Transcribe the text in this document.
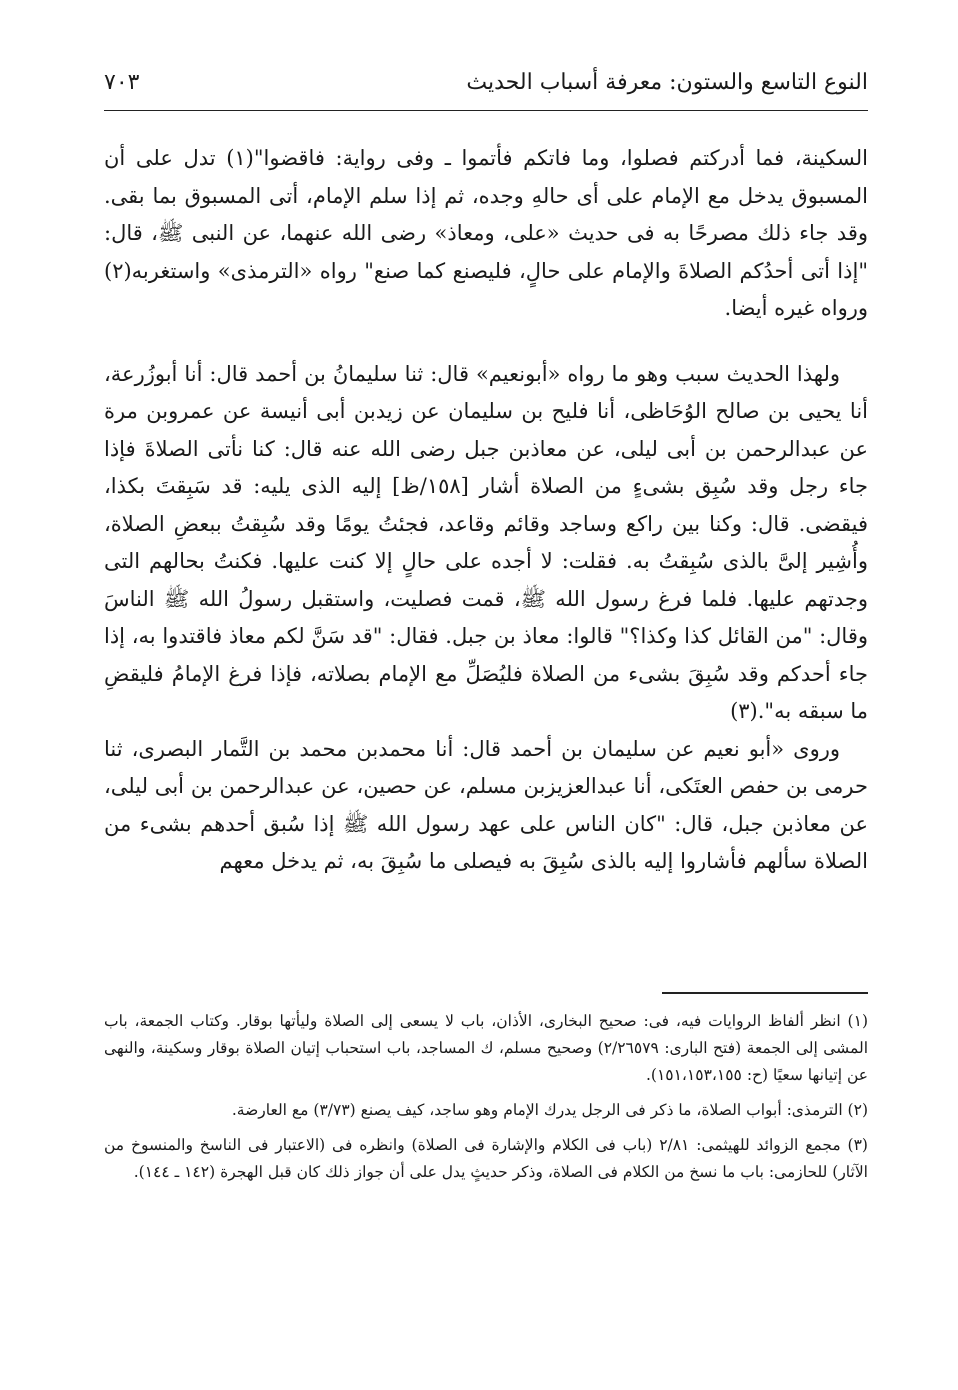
النوع التاسع والستون: معرفة أسباب الحديث
٧٠٣

السكينة، فما أدركتم فصلوا، وما فاتكم فأتموا ـ وفى رواية: فاقضوا"(١) تدل على أن المسبوق يدخل مع الإمام على أى حالهِ وجده، ثم إذا سلم الإمام، أتى المسبوق بما بقى. وقد جاء ذلك مصرحًا به فى حديث «على، ومعاذ» رضى الله عنهما، عن النبى ﷺ، قال: "إذا أتى أحدُكم الصلاةَ والإمام على حالٍ، فليصنع كما صنع" رواه «الترمذى» واستغربه(٢) ورواه غيره أيضا.

ولهذا الحديث سبب وهو ما رواه «أبونعيم» قال: ثنا سليمانُ بن أحمد قال: أنا أبوزُرعة، أنا يحيى بن صالح الوُحَاظى، أنا فليح بن سليمان عن زيدبن أبى أنيسة عن عمروبن مرة عن عبدالرحمن بن أبى ليلى، عن معاذبن جبل رضى الله عنه قال: كنا نأتى الصلاةَ فإذا جاء رجل وقد سُبِق بشىءٍ من الصلاة أشار [١٥٨/ظ] إليه الذى يليه: قد سَبِقتَ بكذا، فيقضى. قال: وكنا بين راكع وساجد وقائم وقاعد، فجئتُ يومًا وقد سُبِقتُ ببعضِ الصلاة، وأُشِير إلىَّ بالذى سُبِقتُ به. فقلت: لا أجده على حالٍ إلا كنت عليها. فكنتُ بحالهم التى وجدتهم عليها. فلما فرغ رسول الله ﷺ، قمت فصليت، واستقبل رسولُ الله ﷺ الناسَ وقال: "من القائل كذا وكذا؟" قالوا: معاذ بن جبل. فقال: "قد سَنَّ لكم معاذ فاقتدوا به، إذا جاء أحدكم وقد سُبِقَ بشىء من الصلاة فليُصَلِّ مع الإمام بصلاته، فإذا فرغ الإمامُ فليقضِ ما سبقه به".(٣)

وروى «أبو نعيم عن سليمان بن أحمد قال: أنا محمدبن محمد بن التَّمار البصرى، ثنا حرمى بن حفص العتَكى، أنا عبدالعزيزبن مسلم، عن حصين، عن عبدالرحمن بن أبى ليلى، عن معاذبن جبل، قال: "كان الناس على عهد رسول الله ﷺ إذا سُبق أحدهم بشىء من الصلاة سألهم فأشاروا إليه بالذى سُبِقَ به فيصلى ما سُبِقَ به، ثم يدخل معهم

(١) انظر ألفاظ الروايات فيه، فى: صحيح البخارى، الأذان، باب لا يسعى إلى الصلاة وليأتها بوقار. وكتاب الجمعة، باب المشى إلى الجمعة (فتح البارى: ٢/٢٦٥٧٩) وصحيح مسلم، ك المساجد، باب استحباب إتيان الصلاة بوقار وسكينة، والنهى عن إتيانها سعيًا (ح: ١٥١،١٥٣،١٥٥).

(٢) الترمذى: أبواب الصلاة، ما ذكر فى الرجل يدرك الإمام وهو ساجد، كيف يصنع (٣/٧٣) مع العارضة.

(٣) مجمع الزوائد للهيثمى: ٢/٨١ (باب فى الكلام والإشارة فى الصلاة) وانظره فى (الاعتبار فى الناسخ والمنسوخ من الآثار) للحازمى: باب ما نسخ من الكلام فى الصلاة، وذكر حديثٍ يدل على أن جواز ذلك كان قبل الهجرة (١٤٢ ـ ١٤٤).
